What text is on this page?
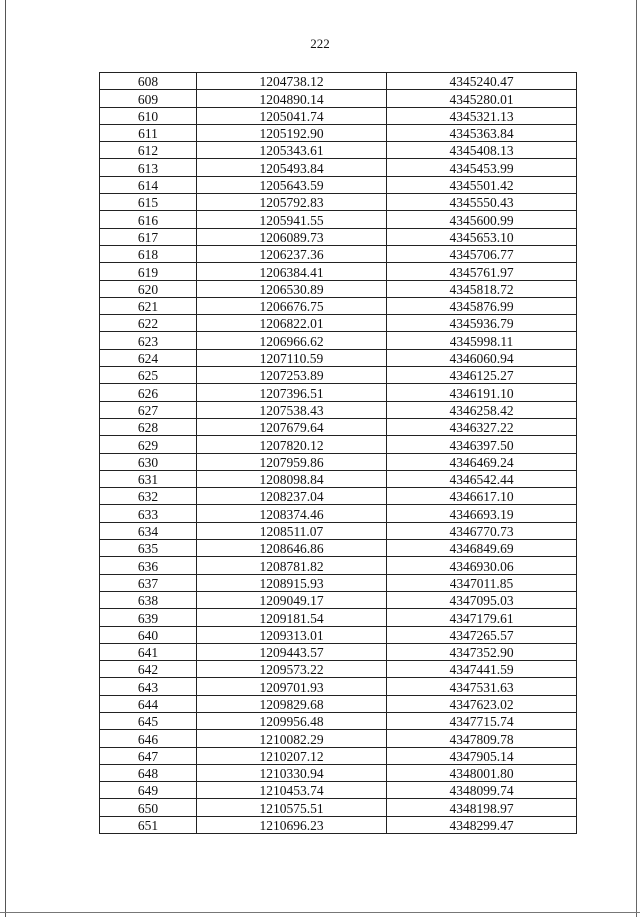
222
608	1204738.12	4345240.47
609	1204890.14	4345280.01
610	1205041.74	4345321.13
611	1205192.90	4345363.84
612	1205343.61	4345408.13
613	1205493.84	4345453.99
614	1205643.59	4345501.42
615	1205792.83	4345550.43
616	1205941.55	4345600.99
617	1206089.73	4345653.10
618	1206237.36	4345706.77
619	1206384.41	4345761.97
620	1206530.89	4345818.72
621	1206676.75	4345876.99
622	1206822.01	4345936.79
623	1206966.62	4345998.11
624	1207110.59	4346060.94
625	1207253.89	4346125.27
626	1207396.51	4346191.10
627	1207538.43	4346258.42
628	1207679.64	4346327.22
629	1207820.12	4346397.50
630	1207959.86	4346469.24
631	1208098.84	4346542.44
632	1208237.04	4346617.10
633	1208374.46	4346693.19
634	1208511.07	4346770.73
635	1208646.86	4346849.69
636	1208781.82	4346930.06
637	1208915.93	4347011.85
638	1209049.17	4347095.03
639	1209181.54	4347179.61
640	1209313.01	4347265.57
641	1209443.57	4347352.90
642	1209573.22	4347441.59
643	1209701.93	4347531.63
644	1209829.68	4347623.02
645	1209956.48	4347715.74
646	1210082.29	4347809.78
647	1210207.12	4347905.14
648	1210330.94	4348001.80
649	1210453.74	4348099.74
650	1210575.51	4348198.97
651	1210696.23	4348299.47
